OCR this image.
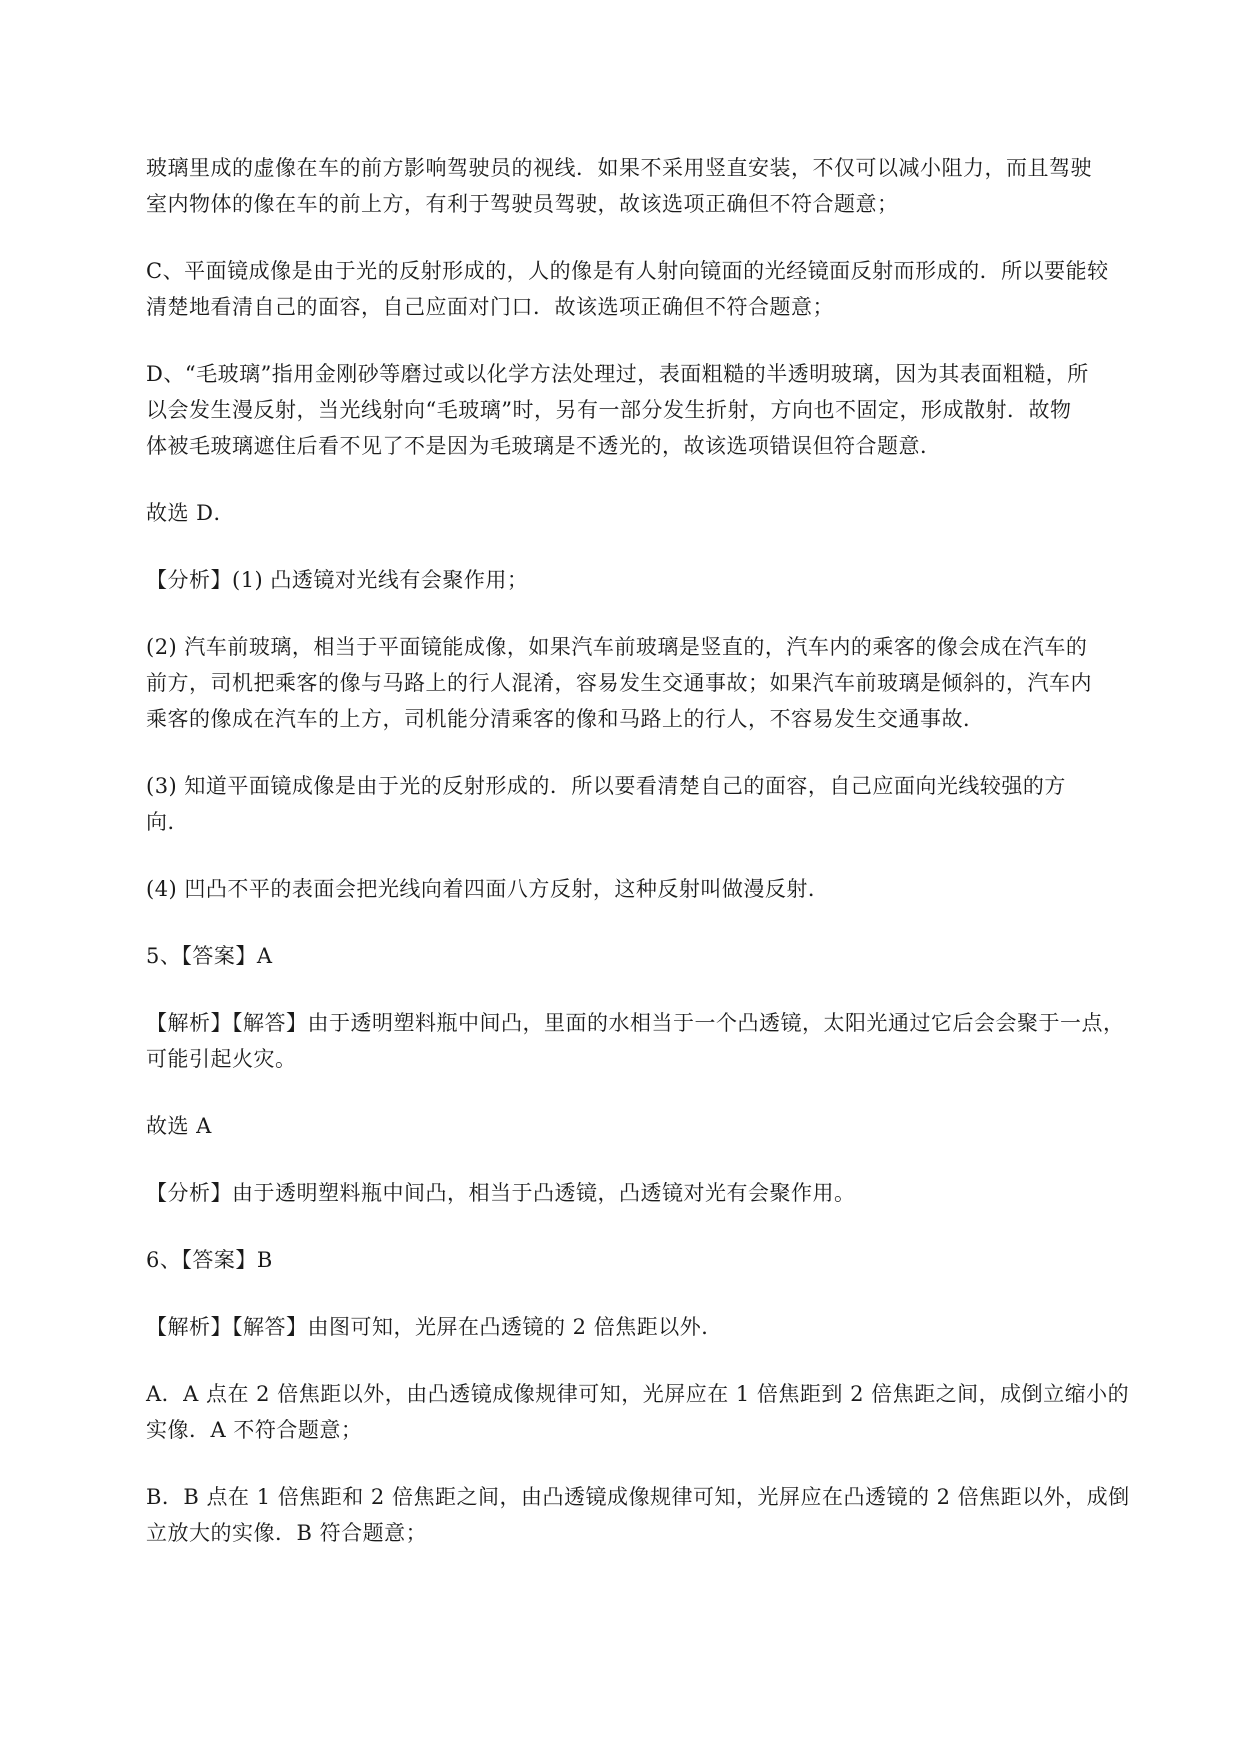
玻璃里成的虚像在车的前方影响驾驶员的视线．如果不采用竖直安装，不仅可以减小阻力，而且驾驶
室内物体的像在车的前上方，有利于驾驶员驾驶，故该选项正确但不符合题意；

C、平面镜成像是由于光的反射形成的，人的像是有人射向镜面的光经镜面反射而形成的．所以要能较
清楚地看清自己的面容，自己应面对门口．故该选项正确但不符合题意；

D、“毛玻璃”指用金刚砂等磨过或以化学方法处理过，表面粗糙的半透明玻璃，因为其表面粗糙，所
以会发生漫反射，当光线射向“毛玻璃”时，另有一部分发生折射，方向也不固定，形成散射．故物
体被毛玻璃遮住后看不见了不是因为毛玻璃是不透光的，故该选项错误但符合题意．

故选 D．

【分析】(1) 凸透镜对光线有会聚作用；

(2) 汽车前玻璃，相当于平面镜能成像，如果汽车前玻璃是竖直的，汽车内的乘客的像会成在汽车的
前方，司机把乘客的像与马路上的行人混淆，容易发生交通事故；如果汽车前玻璃是倾斜的，汽车内
乘客的像成在汽车的上方，司机能分清乘客的像和马路上的行人，不容易发生交通事故．

(3) 知道平面镜成像是由于光的反射形成的．所以要看清楚自己的面容，自己应面向光线较强的方
向．

(4) 凹凸不平的表面会把光线向着四面八方反射，这种反射叫做漫反射．

5、【答案】A

【解析】【解答】由于透明塑料瓶中间凸，里面的水相当于一个凸透镜，太阳光通过它后会会聚于一点，
可能引起火灾。

故选 A

【分析】由于透明塑料瓶中间凸，相当于凸透镜，凸透镜对光有会聚作用。

6、【答案】B

【解析】【解答】由图可知，光屏在凸透镜的 2 倍焦距以外．

A．A 点在 2 倍焦距以外，由凸透镜成像规律可知，光屏应在 1 倍焦距到 2 倍焦距之间，成倒立缩小的
实像．A 不符合题意；

B．B 点在 1 倍焦距和 2 倍焦距之间，由凸透镜成像规律可知，光屏应在凸透镜的 2 倍焦距以外，成倒
立放大的实像．B 符合题意；
